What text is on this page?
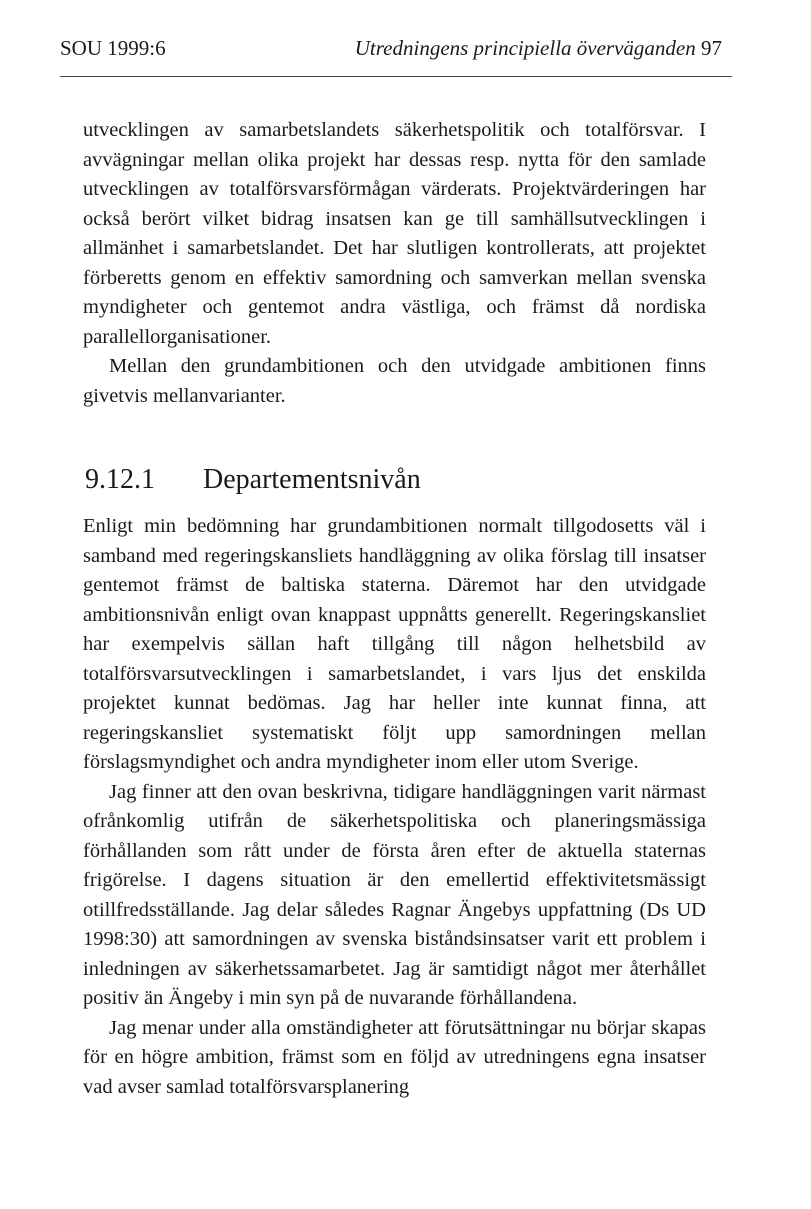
SOU 1999:6	Utredningens principiella överväganden 97

utvecklingen av samarbetslandets säkerhetspolitik och totalförsvar. I avvägningar mellan olika projekt har dessas resp. nytta för den samlade utvecklingen av totalförsvarsförmågan värderats. Projektvärderingen har också berört vilket bidrag insatsen kan ge till samhällsutvecklingen i allmänhet i samarbetslandet. Det har slutligen kontrollerats, att projektet förberetts genom en effektiv samordning och samverkan mellan svenska myndigheter och gentemot andra västliga, och främst då nordiska parallellorganisationer.

Mellan den grundambitionen och den utvidgade ambitionen finns givetvis mellanvarianter.

9.12.1 Departementsnivån

Enligt min bedömning har grundambitionen normalt tillgodosetts väl i samband med regeringskansliets handläggning av olika förslag till insatser gentemot främst de baltiska staterna. Däremot har den utvidgade ambitionsnivån enligt ovan knappast uppnåtts generellt. Regeringskansliet har exempelvis sällan haft tillgång till någon helhetsbild av totalförsvarsutvecklingen i samarbetslandet, i vars ljus det enskilda projektet kunnat bedömas. Jag har heller inte kunnat finna, att regeringskansliet systematiskt följt upp samordningen mellan förslagsmyndighet och andra myndigheter inom eller utom Sverige.

Jag finner att den ovan beskrivna, tidigare handläggningen varit närmast ofrånkomlig utifrån de säkerhetspolitiska och planeringsmässiga förhållanden som rått under de första åren efter de aktuella staternas frigörelse. I dagens situation är den emellertid effektivitetsmässigt otillfredsställande. Jag delar således Ragnar Ängebys uppfattning (Ds UD 1998:30) att samordningen av svenska biståndsinsatser varit ett problem i inledningen av säkerhetssamarbetet. Jag är samtidigt något mer återhållet positiv än Ängeby i min syn på de nuvarande förhållandena.

Jag menar under alla omständigheter att förutsättningar nu börjar skapas för en högre ambition, främst som en följd av utredningens egna insatser vad avser samlad totalförsvarsplanering
